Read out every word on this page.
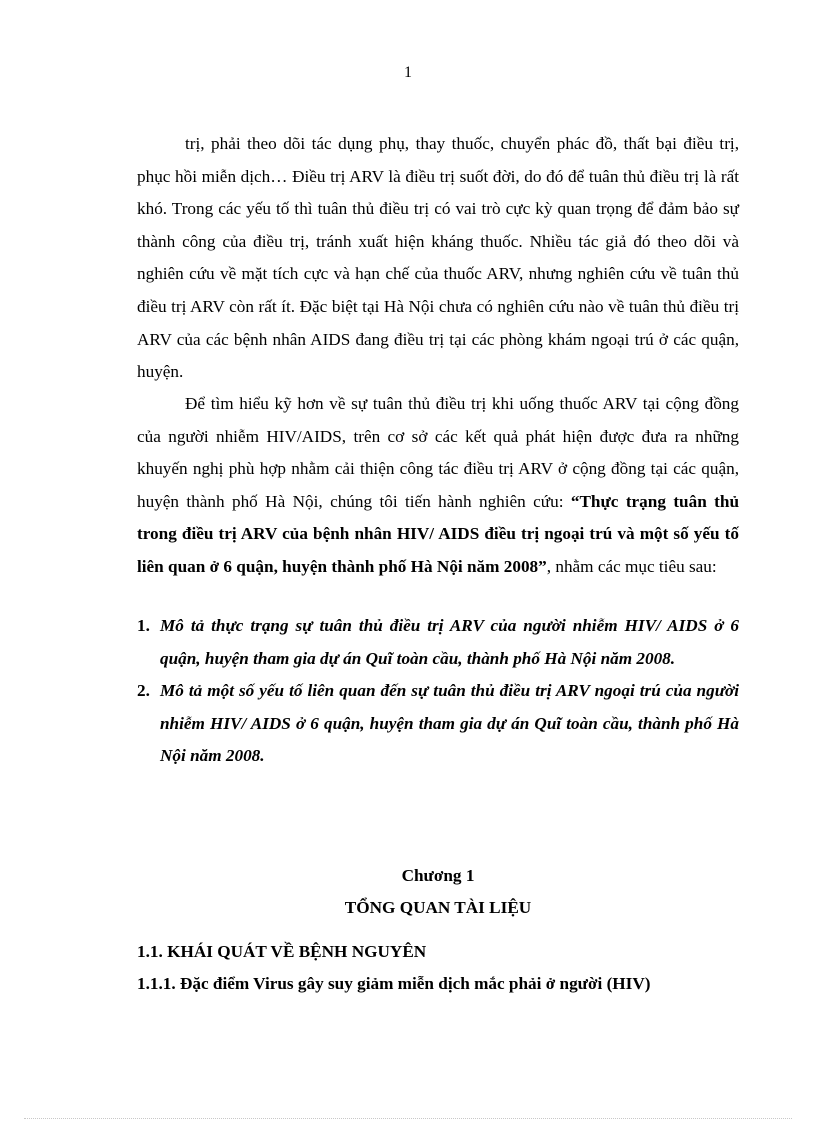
1

trị, phải theo dõi tác dụng phụ, thay thuốc, chuyển phác đồ, thất bại điều trị, phục hồi miễn dịch… Điều trị ARV là điều trị suốt đời, do đó để tuân thủ điều trị là rất khó. Trong các yếu tố thì tuân thủ điều trị có vai trò cực kỳ quan trọng để đảm bảo sự thành công của điều trị, tránh xuất hiện kháng thuốc. Nhiều tác giả đó theo dõi và nghiên cứu về mặt tích cực và hạn chế của thuốc ARV, nhưng nghiên cứu về tuân thủ điều trị ARV còn rất ít. Đặc biệt tại Hà Nội chưa có nghiên cứu nào về tuân thủ điều trị ARV của các bệnh nhân AIDS đang điều trị tại các phòng khám ngoại trú ở các quận, huyện.

Để tìm hiểu kỹ hơn về sự tuân thủ điều trị khi uống thuốc ARV tại cộng đồng của người nhiễm HIV/AIDS, trên cơ sở các kết quả phát hiện được đưa ra những khuyến nghị phù hợp nhằm cải thiện công tác điều trị ARV ở cộng đồng tại các quận, huyện thành phố Hà Nội, chúng tôi tiến hành nghiên cứu: “Thực trạng tuân thủ trong điều trị ARV của bệnh nhân HIV/ AIDS điều trị ngoại trú và một số yếu tố liên quan ở 6 quận, huyện thành phố Hà Nội năm 2008”, nhằm các mục tiêu sau:

1. Mô tả thực trạng sự tuân thủ điều trị ARV của người nhiễm HIV/ AIDS ở 6 quận, huyện tham gia dự án Quĩ toàn cầu, thành phố Hà Nội năm 2008.
2. Mô tả một số yếu tố liên quan đến sự tuân thủ điều trị ARV ngoại trú của người nhiễm HIV/ AIDS ở 6 quận, huyện tham gia dự án Quĩ toàn cầu, thành phố Hà Nội năm 2008.
Chương 1
TỔNG QUAN TÀI LIỆU
1.1. KHÁI QUÁT VỀ BỆNH NGUYÊN
1.1.1. Đặc điểm Virus gây suy giảm miễn dịch mắc phải ở người (HIV)
